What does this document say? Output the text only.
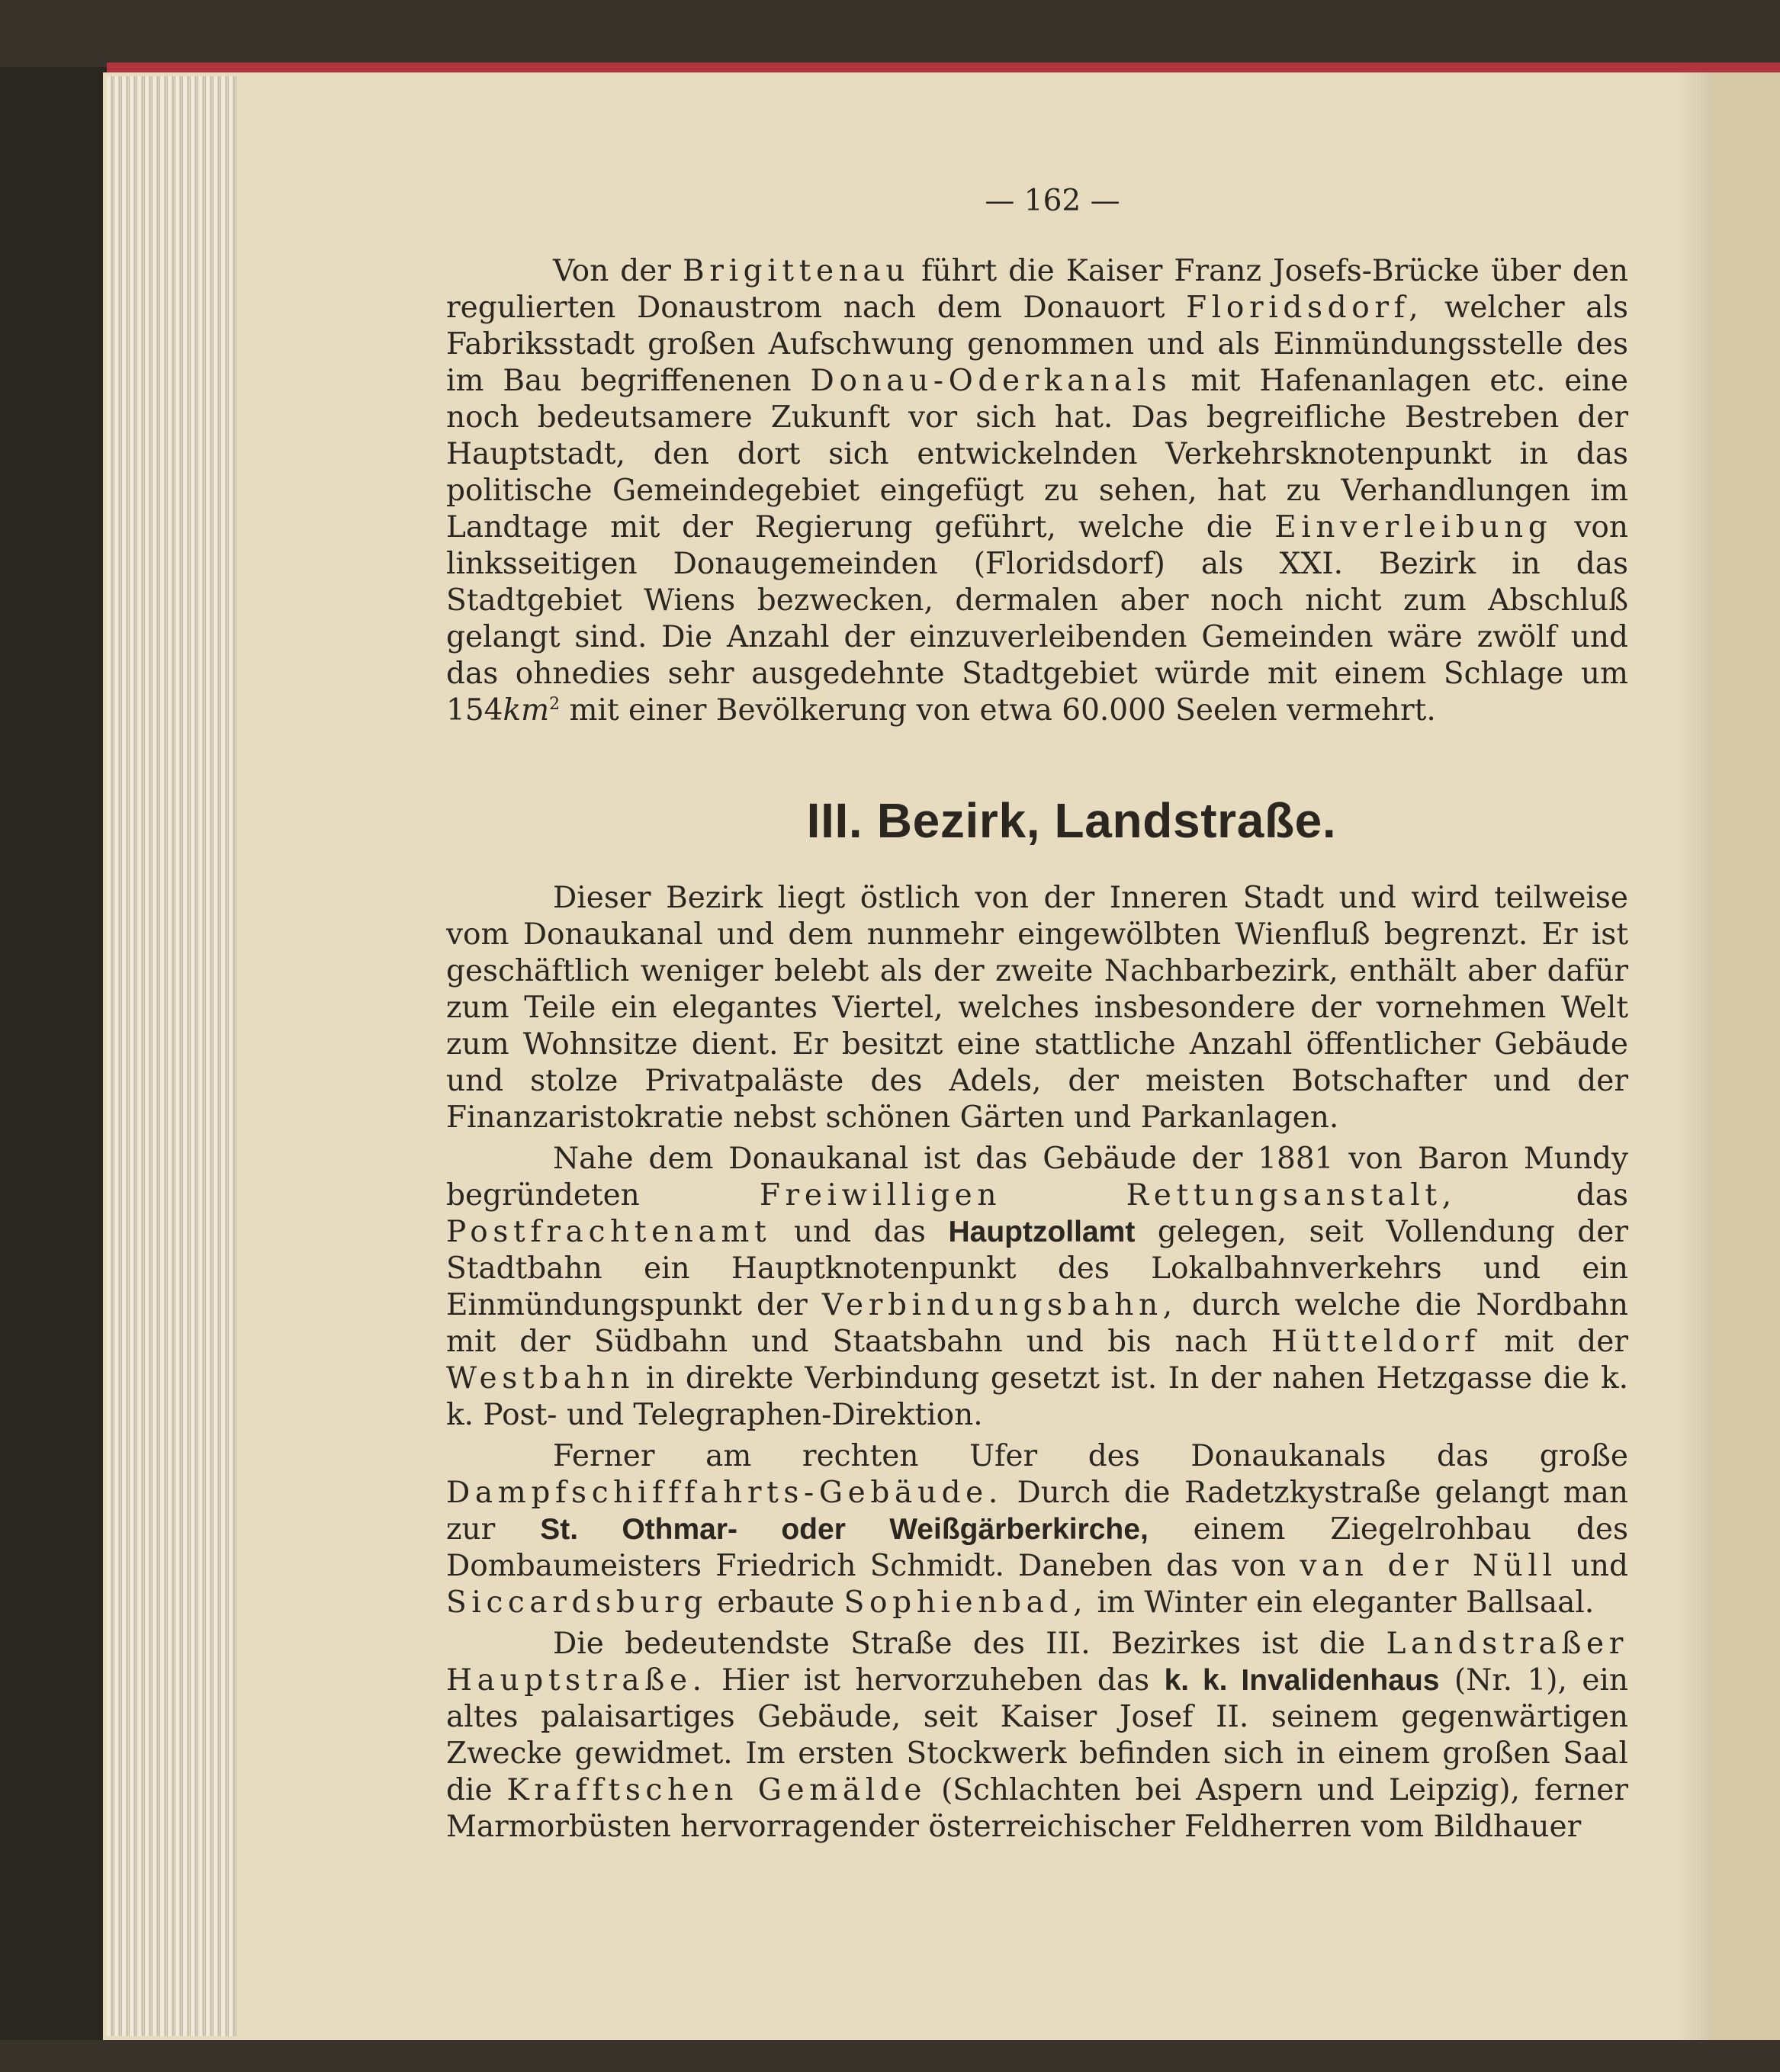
— 162 —

Von der Brigittenau führt die Kaiser Franz Josefs-Brücke über den regulierten Donaustrom nach dem Donauort Floridsdorf, welcher als Fabriksstadt großen Aufschwung genommen und als Einmündungsstelle des im Bau begriffenenen Donau-Oderkanals mit Hafenanlagen etc. eine noch bedeutsamere Zukunft vor sich hat. Das begreifliche Bestreben der Hauptstadt, den dort sich entwickelnden Verkehrsknotenpunkt in das politische Gemeindegebiet eingefügt zu sehen, hat zu Verhandlungen im Landtage mit der Regierung geführt, welche die Einverleibung von linksseitigen Donaugemeinden (Floridsdorf) als XXI. Bezirk in das Stadtgebiet Wiens bezwecken, dermalen aber noch nicht zum Abschluß gelangt sind. Die Anzahl der einzuverleibenden Gemeinden wäre zwölf und das ohnedies sehr ausgedehnte Stadtgebiet würde mit einem Schlage um $154km^2$ mit einer Bevölkerung von etwa 60.000 Seelen vermehrt.

III. Bezirk, Landstraße.

Dieser Bezirk liegt östlich von der Inneren Stadt und wird teilweise vom Donaukanal und dem nunmehr eingewölbten Wienfluß begrenzt. Er ist geschäftlich weniger belebt als der zweite Nachbarbezirk, enthält aber dafür zum Teile ein elegantes Viertel, welches insbesondere der vornehmen Welt zum Wohnsitze dient. Er besitzt eine stattliche Anzahl öffentlicher Gebäude und stolze Privatpaläste des Adels, der meisten Botschafter und der Finanzaristokratie nebst schönen Gärten und Parkanlagen.

Nahe dem Donaukanal ist das Gebäude der 1881 von Baron Mundy begründeten	Freiwilligen Rettungsanstalt,	das Postfrachtenamt und das Hauptzollamt gelegen, seit Vollendung der Stadtbahn ein Hauptknotenpunkt des Lokalbahnverkehrs und ein Einmündungspunkt der Verbindungsbahn, durch welche die Nordbahn mit der Südbahn und Staatsbahn und bis nach Hütteldorf mit der Westbahn in direkte Verbindung gesetzt ist. In der nahen Hetzgasse die k. k. Post- und Telegraphen-Direktion.

Ferner am rechten Ufer des Donaukanals das große Dampfschifffahrts-Gebäude. Durch die Radetzkystraße gelangt man zur St. Othmar- oder Weißgärberkirche, einem Ziegelrohbau des Dombaumeisters Friedrich Schmidt. Daneben das von van der Nüll und Siccardsburg erbaute Sophienbad, im Winter ein eleganter Ballsaal.

Die bedeutendste Straße des III. Bezirkes ist die Landstraßer Hauptstraße. Hier ist hervorzuheben das k. k. Invalidenhaus (Nr. 1), ein altes palaisartiges Gebäude, seit Kaiser Josef II. seinem gegenwärtigen Zwecke gewidmet. Im ersten Stockwerk befinden sich in einem großen Saal die Krafftschen Gemälde (Schlachten bei Aspern und Leipzig), ferner Marmorbüsten hervorragender österreichischer Feldherren vom Bildhauer
